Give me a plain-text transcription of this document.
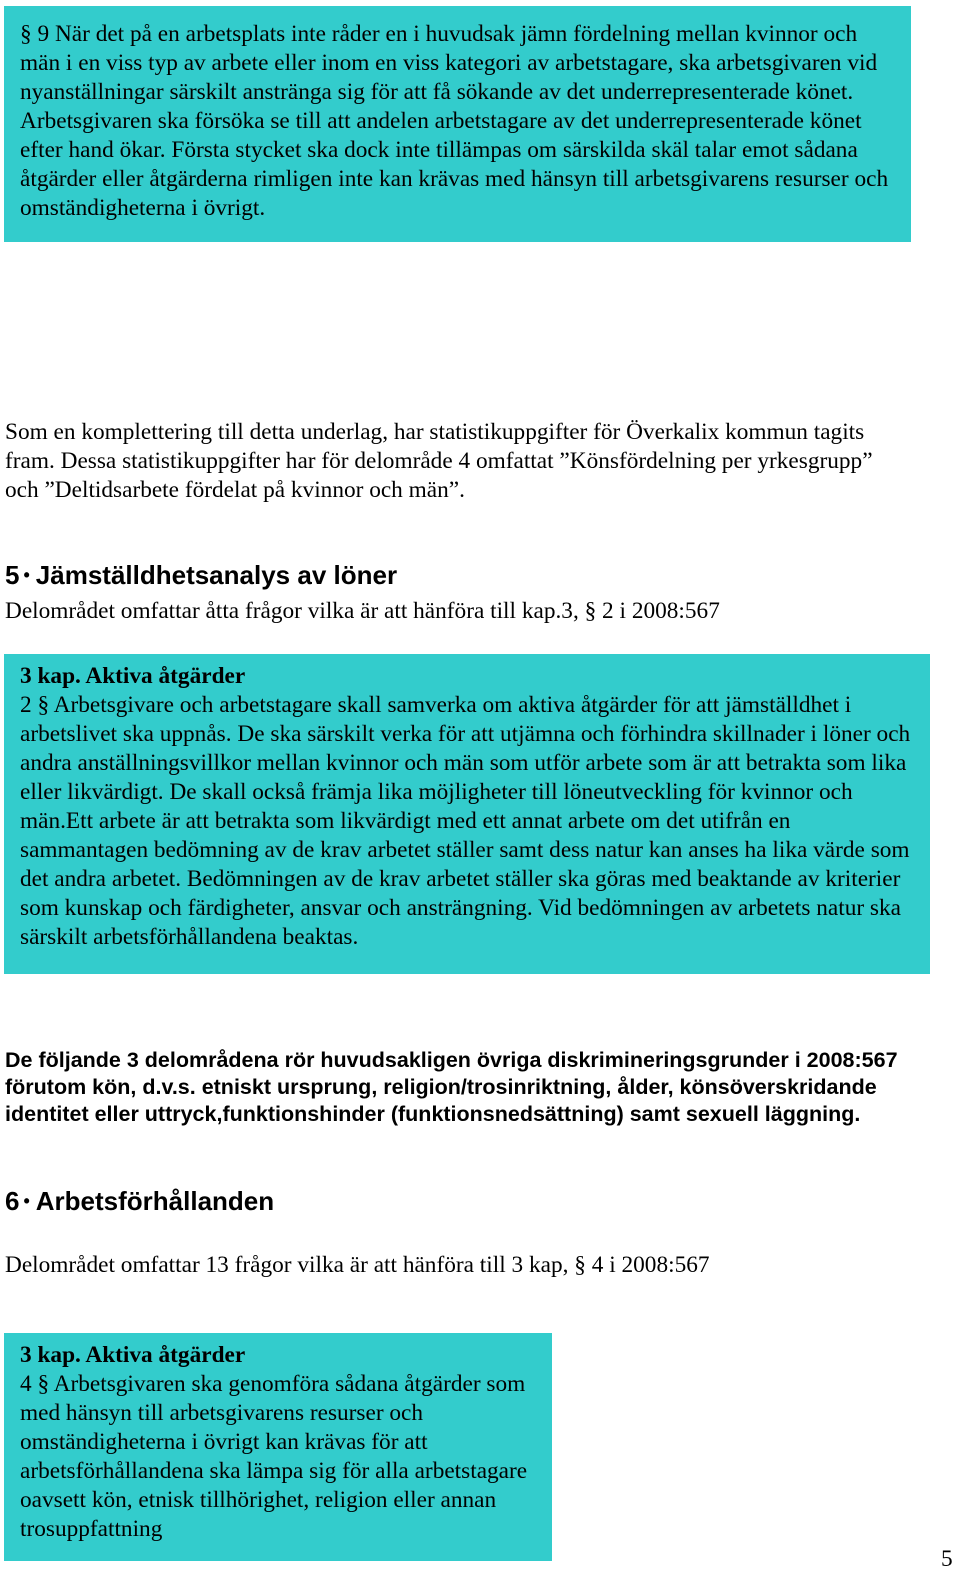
§ 9 När det på en arbetsplats inte råder en i huvudsak jämn fördelning mellan kvinnor och män i en viss typ av arbete eller inom en viss kategori av arbetstagare, ska arbetsgivaren vid nyanställningar särskilt anstränga sig för att få sökande av det underrepresenterade könet. Arbetsgivaren ska försöka se till att andelen arbetstagare av det underrepresenterade könet efter hand ökar. Första stycket ska dock inte tillämpas om särskilda skäl talar emot sådana åtgärder eller åtgärderna rimligen inte kan krävas med hänsyn till arbetsgivarens resurser och omständigheterna i övrigt.

Som en komplettering till detta underlag, har statistikuppgifter för Överkalix kommun tagits fram. Dessa statistikuppgifter har för delområde 4 omfattat ”Könsfördelning per yrkesgrupp” och ”Deltidsarbete fördelat på kvinnor och män”.

5 • Jämställdhetsanalys av löner

Delområdet omfattar åtta frågor vilka är att hänföra till kap.3, § 2 i 2008:567

3 kap. Aktiva åtgärder

2 § Arbetsgivare och arbetstagare skall samverka om aktiva åtgärder för att jämställdhet i arbetslivet ska uppnås. De ska särskilt verka för att utjämna och förhindra skillnader i löner och andra anställningsvillkor mellan kvinnor och män som utför arbete som är att betrakta som lika eller likvärdigt. De skall också främja lika möjligheter till löneutveckling för kvinnor och män.Ett arbete är att betrakta som likvärdigt med ett annat arbete om det utifrån en sammantagen bedömning av de krav arbetet ställer samt dess natur kan anses ha lika värde som det andra arbetet. Bedömningen av de krav arbetet ställer ska göras med beaktande av kriterier som kunskap och färdigheter, ansvar och ansträngning. Vid bedömningen av arbetets natur ska särskilt arbetsförhållandena beaktas.

De följande 3 delområdena rör huvudsakligen övriga diskrimineringsgrunder i 2008:567 förutom kön, d.v.s. etniskt ursprung, religion/trosinriktning, ålder, könsöverskridande identitet eller uttryck,funktionshinder (funktionsnedsättning) samt sexuell läggning.

6 • Arbetsförhållanden

Delområdet omfattar 13 frågor vilka är att hänföra till 3 kap, § 4 i 2008:567

3 kap. Aktiva åtgärder

4 § Arbetsgivaren ska genomföra sådana åtgärder som med hänsyn till arbetsgivarens resurser och omständigheterna i övrigt kan krävas för att arbetsförhållandena ska lämpa sig för alla arbetstagare oavsett kön, etnisk tillhörighet, religion eller annan trosuppfattning

5
